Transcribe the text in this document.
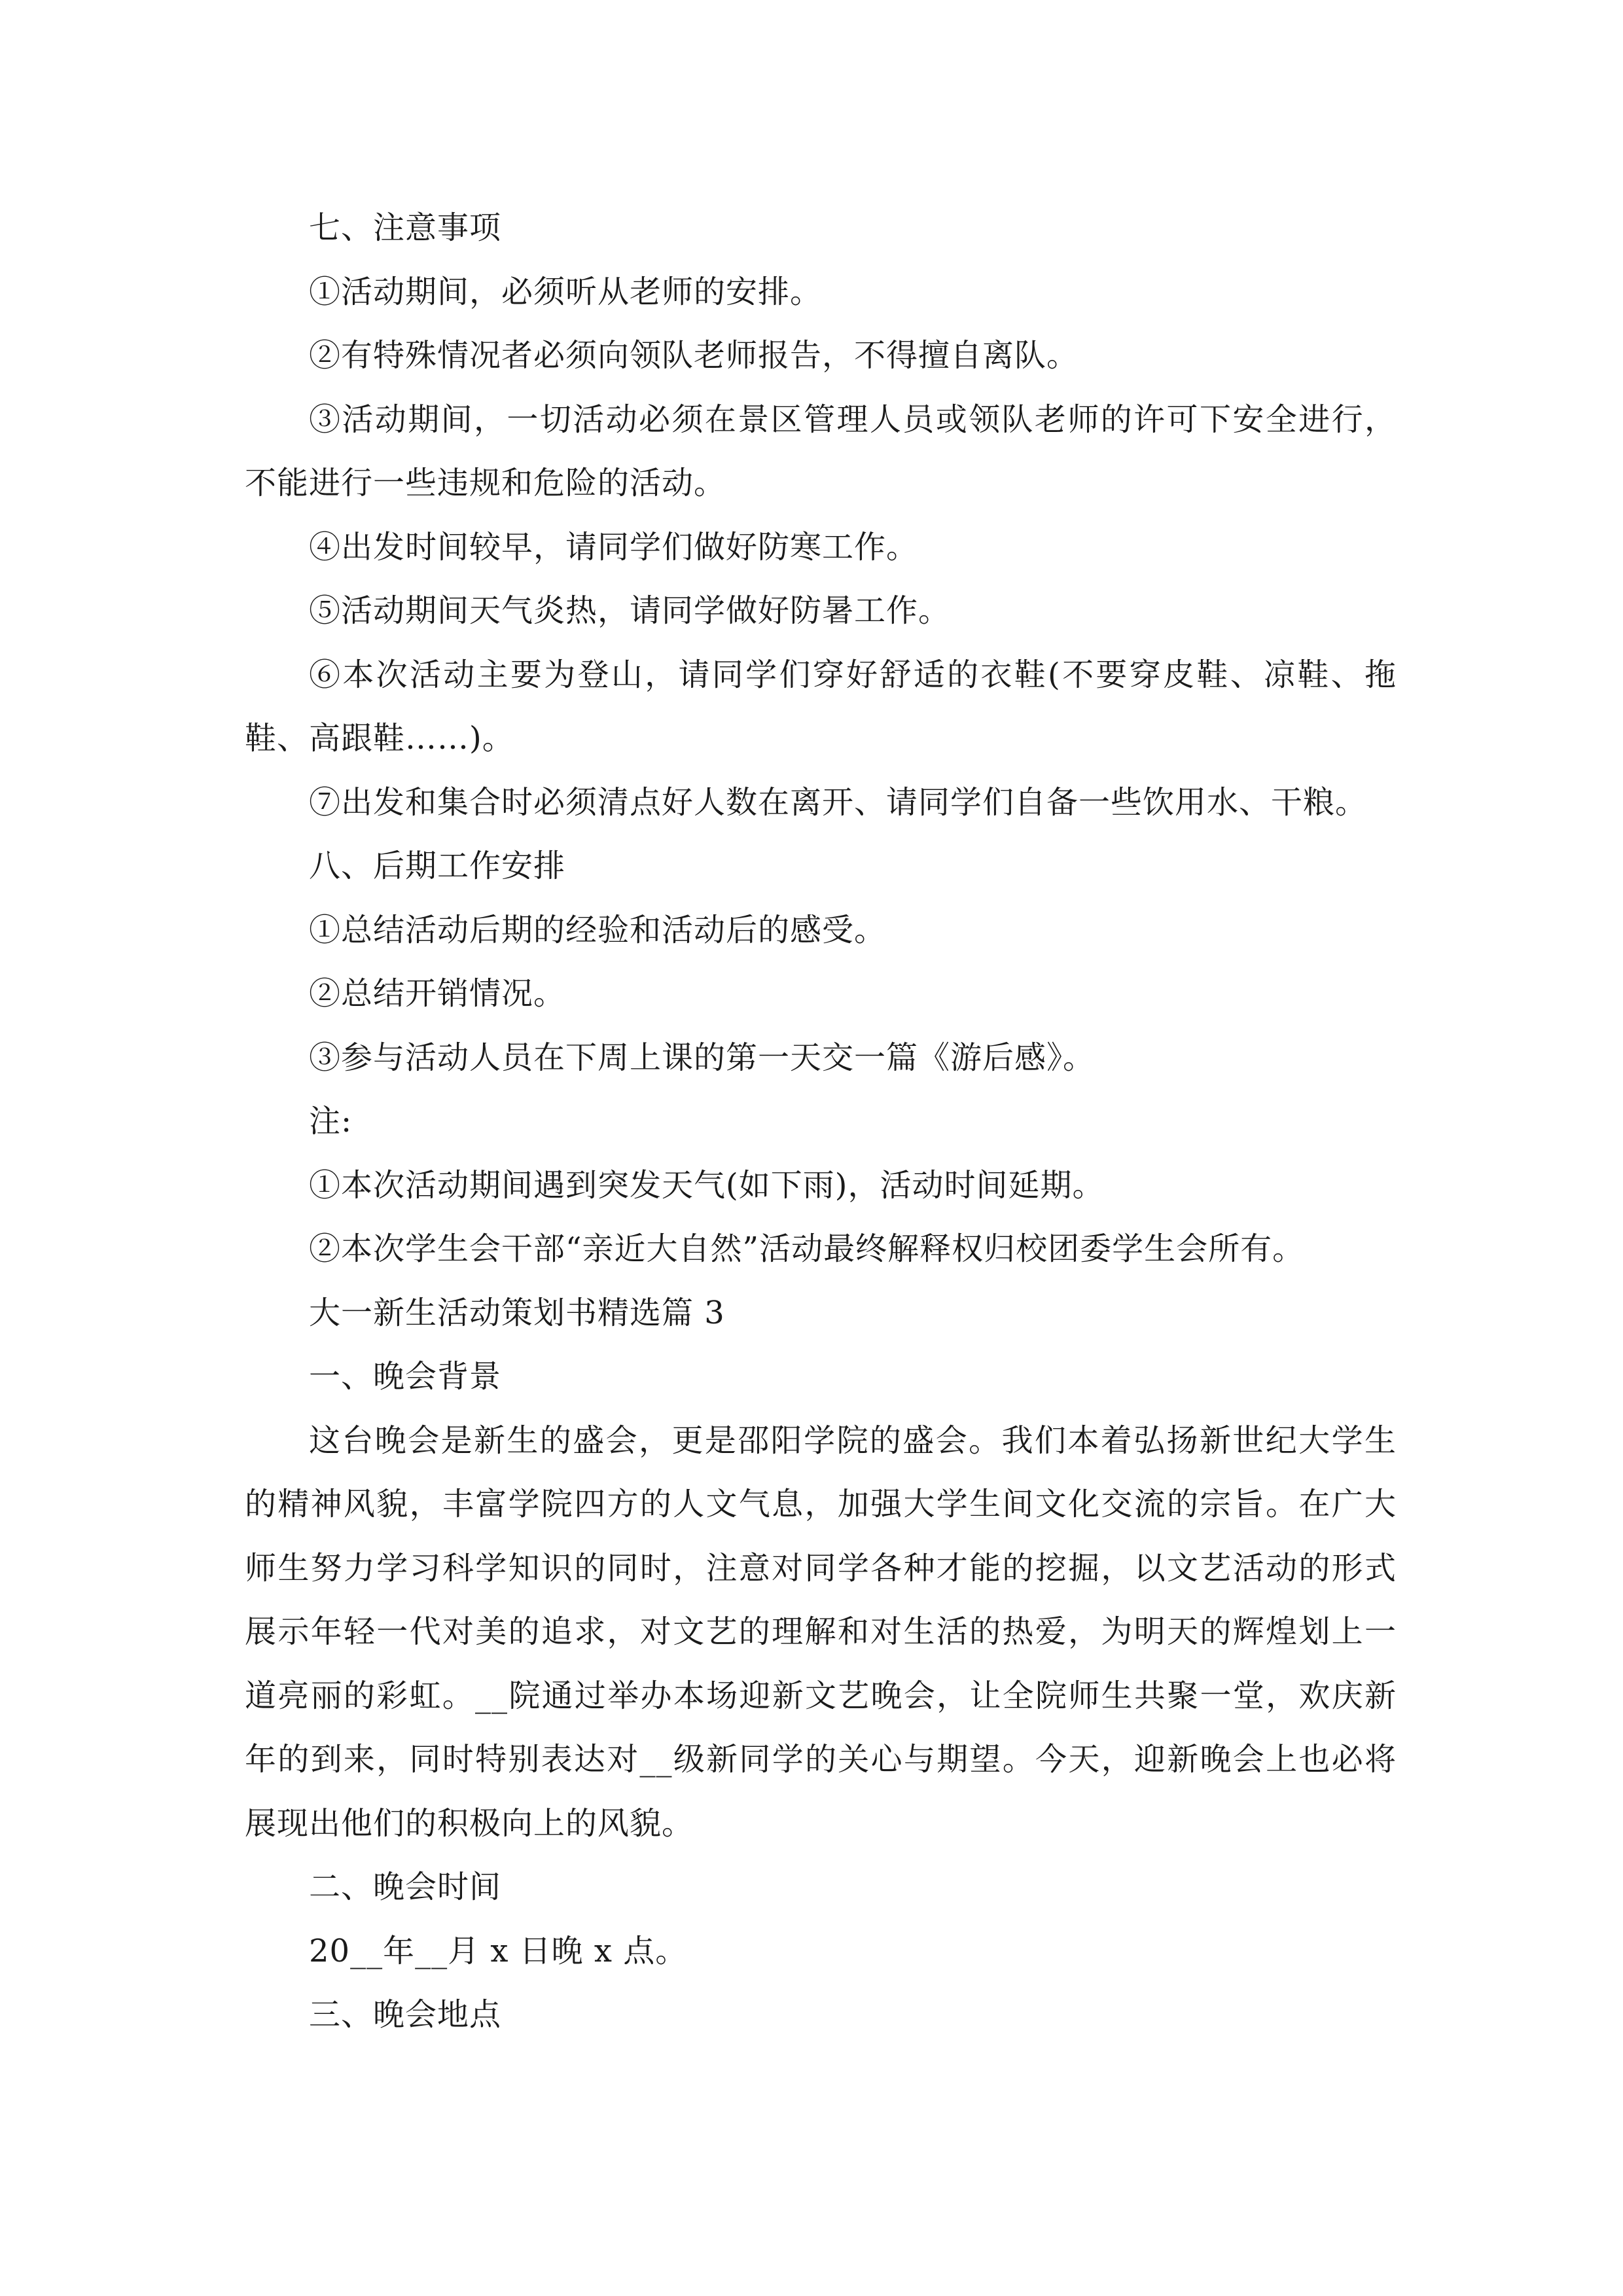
七、注意事项

①活动期间，必须听从老师的安排。

②有特殊情况者必须向领队老师报告，不得擅自离队。

③活动期间，一切活动必须在景区管理人员或领队老师的许可下安全进行，不能进行一些违规和危险的活动。

④出发时间较早，请同学们做好防寒工作。

⑤活动期间天气炎热，请同学做好防暑工作。

⑥本次活动主要为登山，请同学们穿好舒适的衣鞋(不要穿皮鞋、凉鞋、拖鞋、高跟鞋……)。

⑦出发和集合时必须清点好人数在离开、请同学们自备一些饮用水、干粮。

八、后期工作安排

①总结活动后期的经验和活动后的感受。

②总结开销情况。

③参与活动人员在下周上课的第一天交一篇《游后感》。

注:

①本次活动期间遇到突发天气(如下雨)，活动时间延期。

②本次学生会干部“亲近大自然”活动最终解释权归校团委学生会所有。

大一新生活动策划书精选篇 3

一、晚会背景

这台晚会是新生的盛会，更是邵阳学院的盛会。我们本着弘扬新世纪大学生的精神风貌，丰富学院四方的人文气息，加强大学生间文化交流的宗旨。在广大师生努力学习科学知识的同时，注意对同学各种才能的挖掘，以文艺活动的形式展示年轻一代对美的追求，对文艺的理解和对生活的热爱，为明天的辉煌划上一道亮丽的彩虹。__院通过举办本场迎新文艺晚会，让全院师生共聚一堂，欢庆新年的到来，同时特别表达对__级新同学的关心与期望。今天，迎新晚会上也必将展现出他们的积极向上的风貌。

二、晚会时间

20__年__月 x 日晚 x 点。

三、晚会地点
